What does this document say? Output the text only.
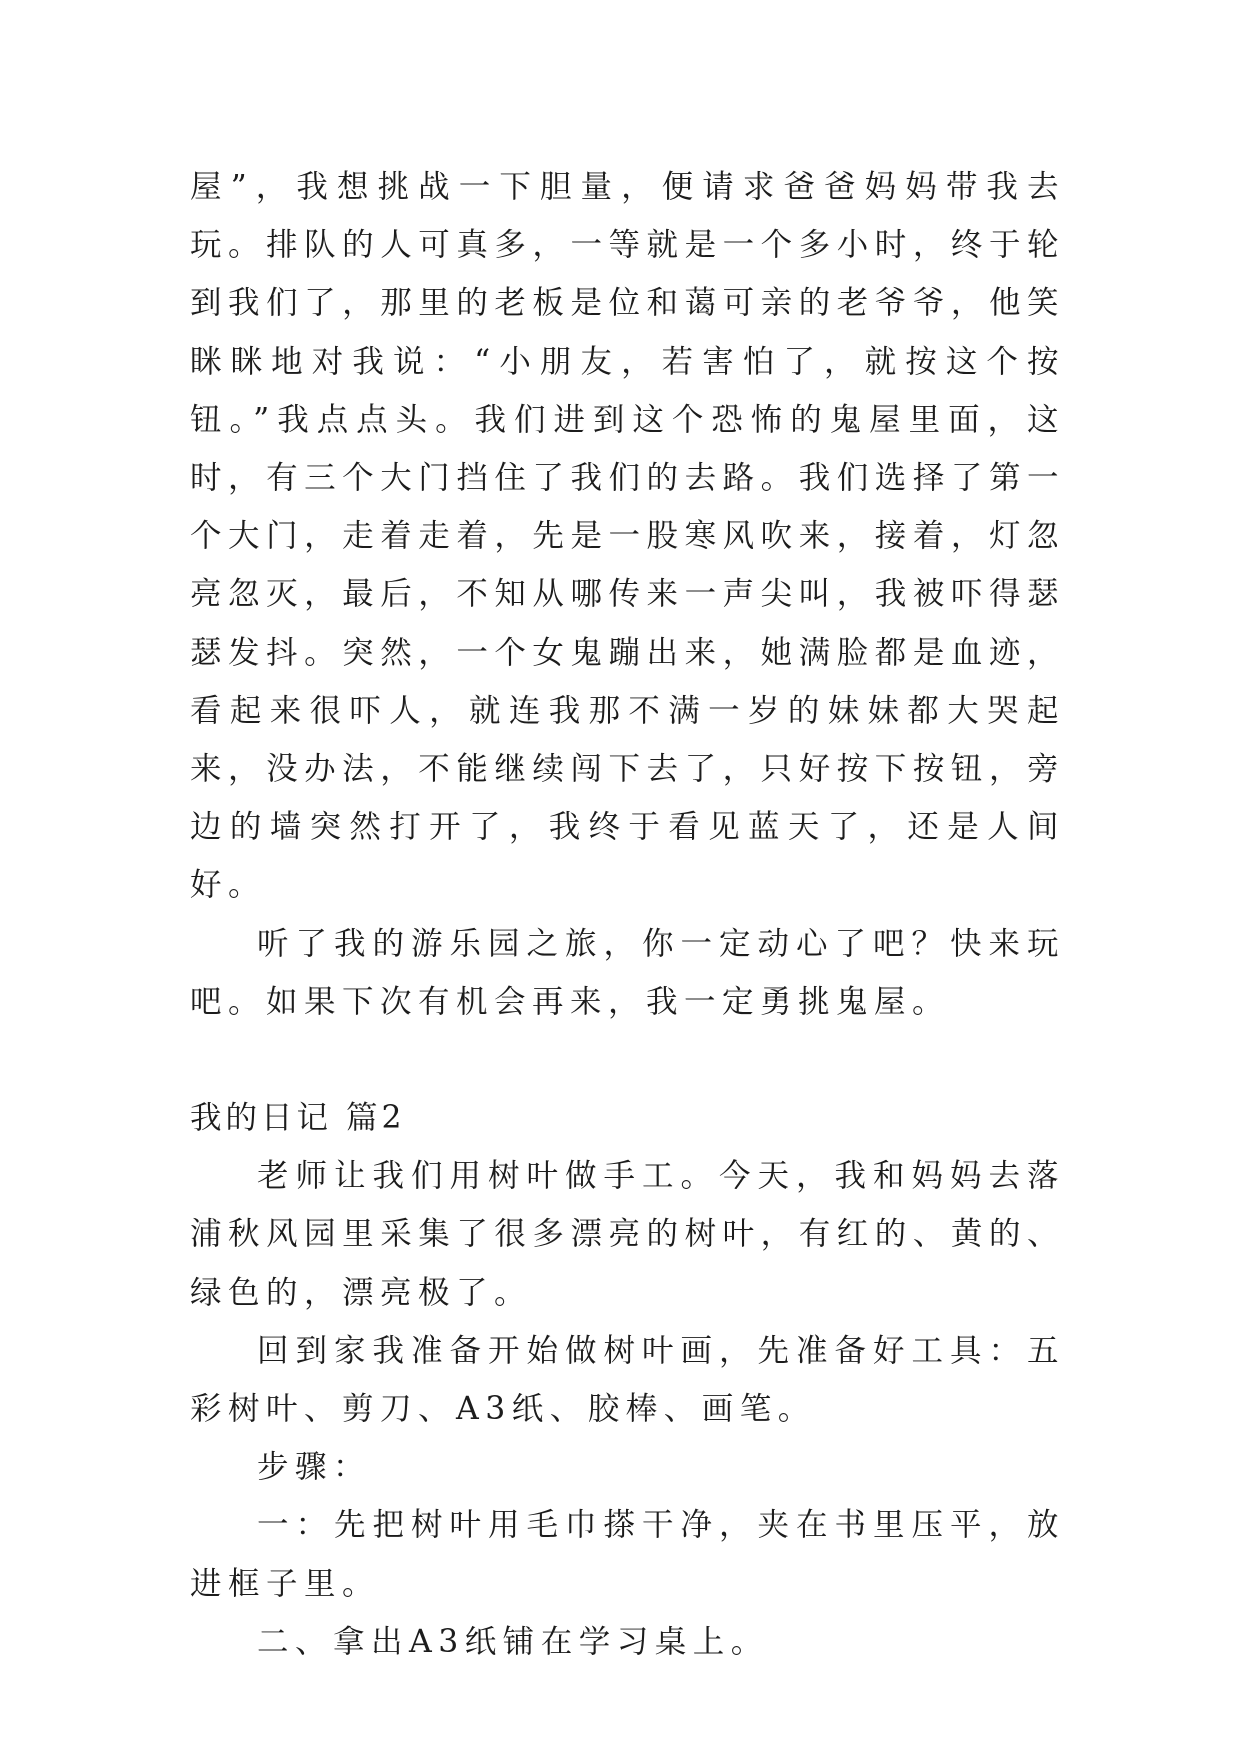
屋”，我想挑战一下胆量，便请求爸爸妈妈带我去玩。排队的人可真多，一等就是一个多小时，终于轮到我们了，那里的老板是位和蔼可亲的老爷爷，他笑眯眯地对我说：“小朋友，若害怕了，就按这个按钮。”我点点头。我们进到这个恐怖的鬼屋里面，这时，有三个大门挡住了我们的去路。我们选择了第一个大门，走着走着，先是一股寒风吹来，接着，灯忽亮忽灭，最后，不知从哪传来一声尖叫，我被吓得瑟瑟发抖。突然，一个女鬼蹦出来，她满脸都是血迹，看起来很吓人，就连我那不满一岁的妹妹都大哭起来，没办法，不能继续闯下去了，只好按下按钮，旁边的墙突然打开了，我终于看见蓝天了，还是人间好。

听了我的游乐园之旅，你一定动心了吧？快来玩吧。如果下次有机会再来，我一定勇挑鬼屋。

我的日记 篇2

老师让我们用树叶做手工。今天，我和妈妈去落浦秋风园里采集了很多漂亮的树叶，有红的、黄的、绿色的，漂亮极了。

回到家我准备开始做树叶画，先准备好工具：五彩树叶、剪刀、A3纸、胶棒、画笔。

步骤：

一：先把树叶用毛巾搽干净，夹在书里压平，放进框子里。

二、拿出A3纸铺在学习桌上。
